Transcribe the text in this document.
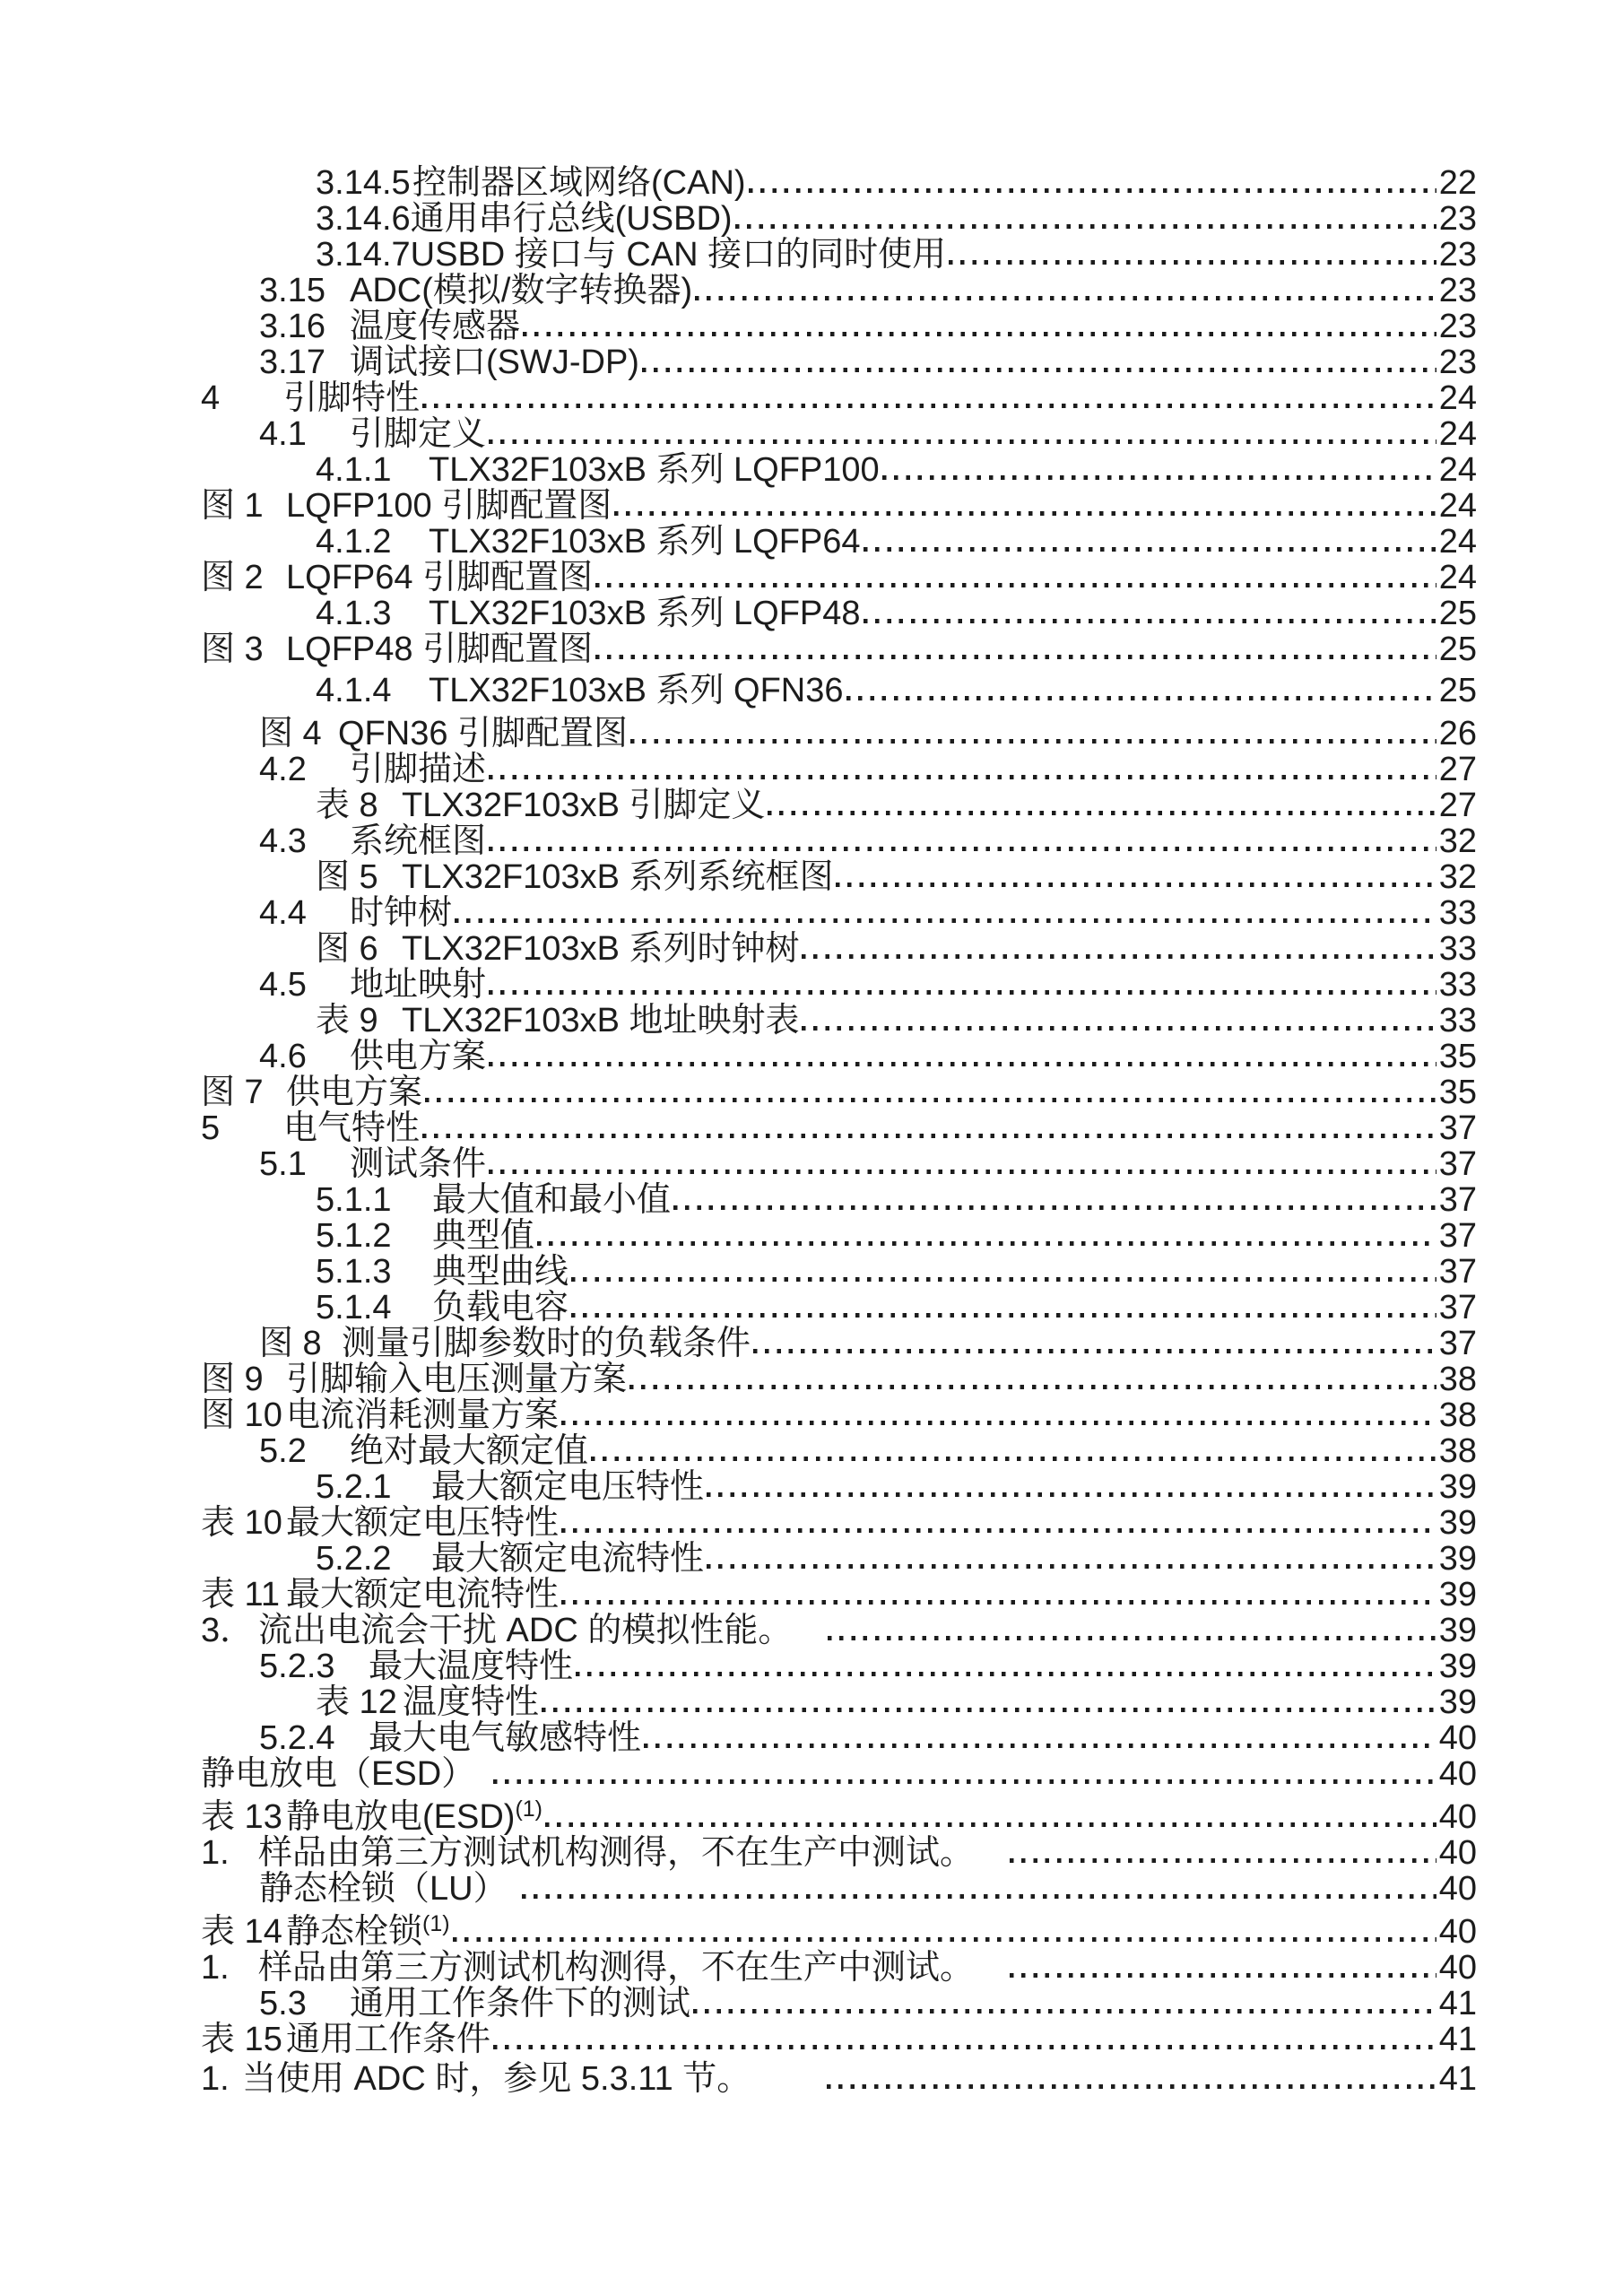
3.14.5 控制器区域网络(CAN)	22
3.14.6 通用串行总线(USBD)	23
3.14.7 USBD 接口与 CAN 接口的同时使用	23
3.15 ADC(模拟/数字转换器)	23
3.16 温度传感器	23
3.17 调试接口(SWJ-DP)	23
4	引脚特性	24
4.1	引脚定义	24
4.1.1	TLX32F103xB 系列 LQFP100	24
图 1 LQFP100 引脚配置图	24
4.1.2	TLX32F103xB 系列 LQFP64	24
图 2 LQFP64 引脚配置图	24
4.1.3	TLX32F103xB 系列 LQFP48	25
图 3 LQFP48 引脚配置图	25
4.1.4	TLX32F103xB 系列 QFN36	25
图 4 QFN36 引脚配置图	26
4.2	引脚描述	27
表 8 TLX32F103xB 引脚定义	27
4.3	系统框图	32
图 5 TLX32F103xB 系列系统框图	32
4.4	时钟树	33
图 6 TLX32F103xB 系列时钟树	33
4.5	地址映射	33
表 9 TLX32F103xB 地址映射表	33
4.6	供电方案	35
图 7 供电方案	35
5	电气特性	37
5.1	测试条件	37
5.1.1	最大值和最小值	37
5.1.2	典型值	37
5.1.3	典型曲线	37
5.1.4	负载电容	37
图 8 测量引脚参数时的负载条件	37
图 9 引脚输入电压测量方案	38
图 10 电流消耗测量方案	38
5.2	绝对最大额定值	38
5.2.1	最大额定电压特性	39
表 10 最大额定电压特性	39
5.2.2	最大额定电流特性	39
表 11 最大额定电流特性	39
3． 流出电流会干扰 ADC 的模拟性能。	39
5.2.3 最大温度特性	39
表 12 温度特性	39
5.2.4 最大电气敏感特性	40
静电放电（ESD）	40
表 13 静电放电(ESD) (1)	40
1. 样品由第三方测试机构测得，不在生产中测试。	40
静态栓锁（LU）	40
表 14 静态栓锁 (1)	40
1. 样品由第三方测试机构测得，不在生产中测试。	40
5.3	通用工作条件下的测试	41
表 15 通用工作条件	41
1. 当使用 ADC 时，参见 5.3.11 节。	41
